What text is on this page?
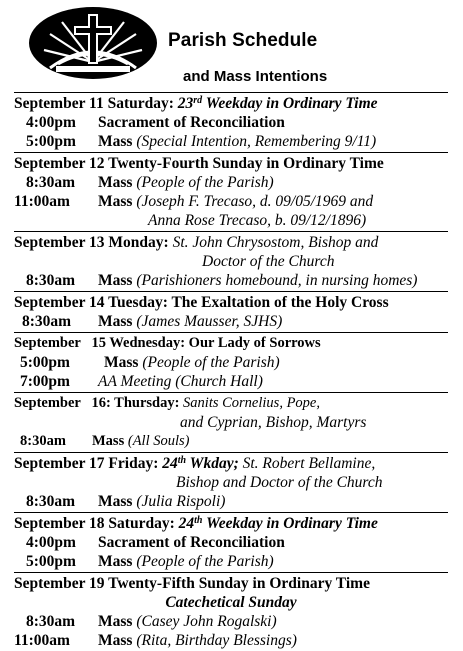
Parish Schedule
and Mass Intentions
September 11 Saturday: 23rd Weekday in Ordinary Time
4:00pm Sacrament of Reconciliation
5:00pm Mass (Special Intention, Remembering 9/11)
September 12 Twenty-Fourth Sunday in Ordinary Time
8:30am Mass (People of the Parish)
11:00am Mass (Joseph F. Trecaso, d. 09/05/1969 and
Anna Rose Trecaso, b. 09/12/1896)
September 13 Monday: St. John Chrysostom, Bishop and
Doctor of the Church
8:30am Mass (Parishioners homebound, in nursing homes)
September 14 Tuesday: The Exaltation of the Holy Cross
8:30am Mass (James Mausser, SJHS)
September   15 Wednesday: Our Lady of Sorrows
5:00pm Mass (People of the Parish)
7:00pm AA Meeting (Church Hall)
September   16: Thursday: Sanits Cornelius, Pope,
and Cyprian, Bishop, Martyrs
8:30am Mass (All Souls)
September 17 Friday: 24th Wkday; St. Robert Bellamine,
Bishop and Doctor of the Church
8:30am Mass (Julia Rispoli)
September 18 Saturday: 24th Weekday in Ordinary Time
4:00pm Sacrament of Reconciliation
5:00pm Mass (People of the Parish)
September 19 Twenty-Fifth Sunday in Ordinary Time
Catechetical Sunday
8:30am Mass (Casey John Rogalski)
11:00am Mass (Rita, Birthday Blessings)
